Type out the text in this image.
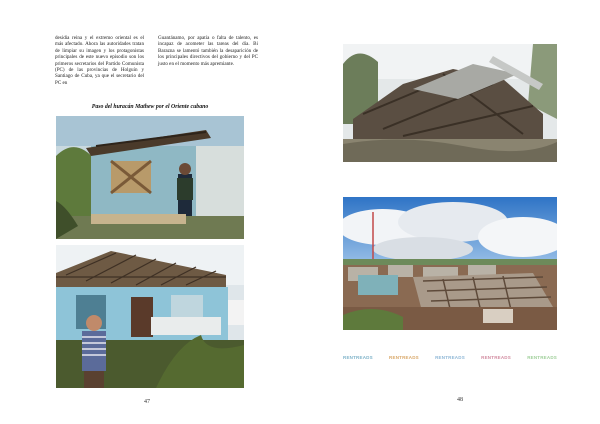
desidia reina y el extremo oriental es el más afectado. Ahora las autoridades tratan de limpiar su imagen y los protagonistas principales de este nuevo episodio son los primeros secretarios del Partido Comunista (PC) de las provincias de Holguín y Santiago de Cuba, ya que el secretario del PC en
Guantánamo, por apatía o falta de talento, es incapaz de acometer las tareas del día. Bi Barazna se lamentó también la desaparición de los principales directivos del gobierno y del PC justo en el momento más apremiante.
Paso del huracán Mathew por el Oriente cubano
47
RENTREADS	RENTREADS	RENTREADS	RENTREADS	RENTREADS
48
